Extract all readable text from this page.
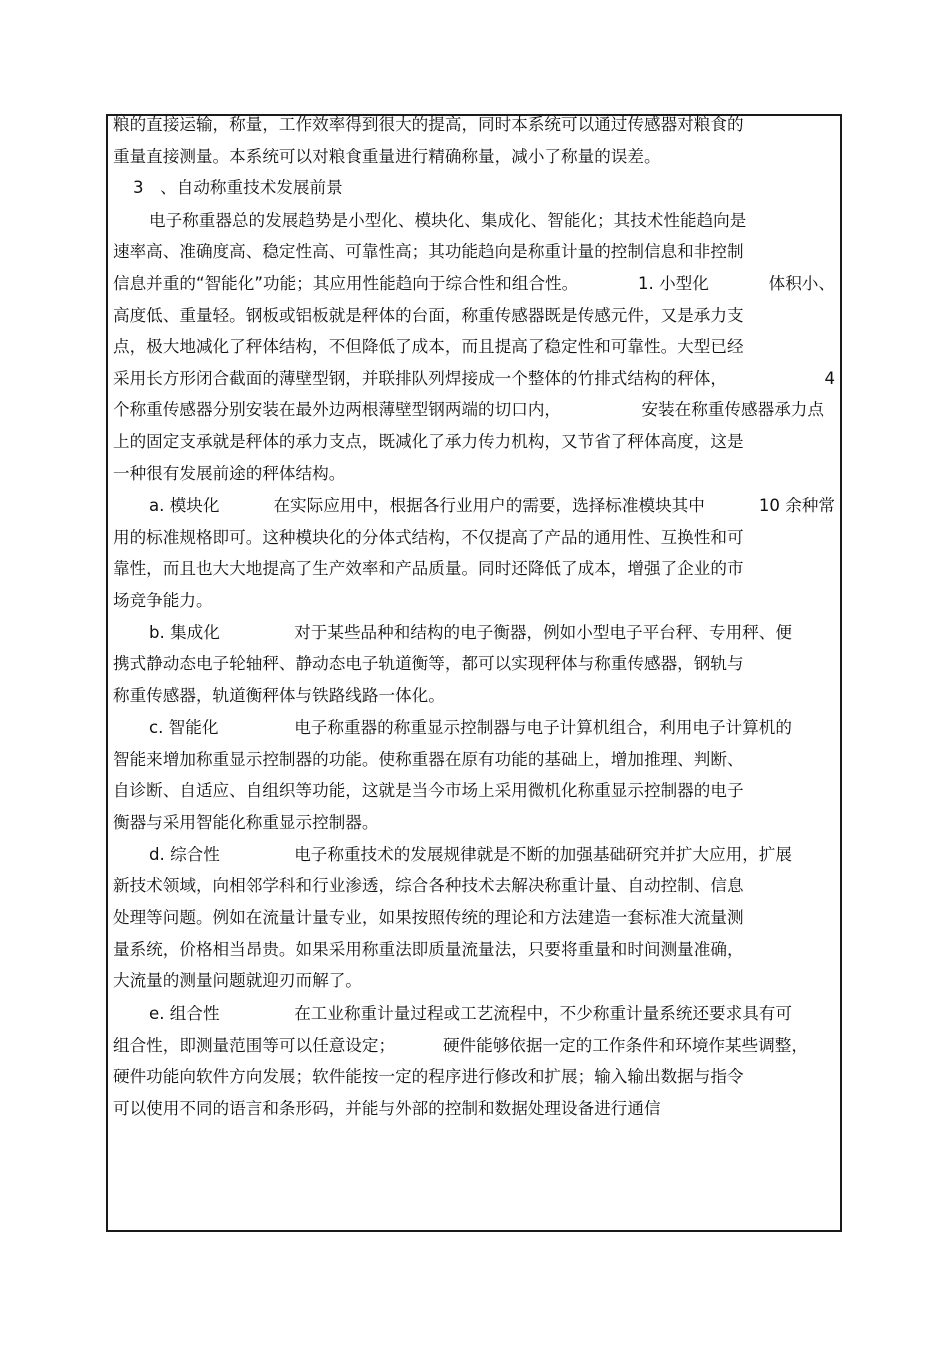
粮的直接运输，称量，工作效率得到很大的提高，同时本系统可以通过传感器对粮食的
重量直接测量。本系统可以对粮食重量进行精确称量，减小了称量的误差。
3　、自动称重技术发展前景
电子称重器总的发展趋势是小型化、模块化、集成化、智能化；其技术性能趋向是
速率高、准确度高、稳定性高、可靠性高；其功能趋向是称重计量的控制信息和非控制
信息并重的“智能化”功能；其应用性能趋向于综合性和组合性。	1. 小型化	体积小、
高度低、重量轻。钢板或铝板就是秤体的台面，称重传感器既是传感元件，又是承力支
点，极大地减化了秤体结构，不但降低了成本，而且提高了稳定性和可靠性。大型已经
采用长方形闭合截面的薄壁型钢，并联排队列焊接成一个整体的竹排式结构的秤体，	4
个称重传感器分别安装在最外边两根薄壁型钢两端的切口内，	安装在称重传感器承力点
上的固定支承就是秤体的承力支点，既减化了承力传力机构，又节省了秤体高度，这是
一种很有发展前途的秤体结构。
a. 模块化	在实际应用中，根据各行业用户的需要，选择标准模块其中	10 余种常
用的标准规格即可。这种模块化的分体式结构，不仅提高了产品的通用性、互换性和可
靠性，而且也大大地提高了生产效率和产品质量。同时还降低了成本，增强了企业的市
场竞争能力。
b. 集成化	对于某些品种和结构的电子衡器，例如小型电子平台秤、专用秤、便
携式静动态电子轮轴秤、静动态电子轨道衡等，都可以实现秤体与称重传感器，钢轨与
称重传感器，轨道衡秤体与铁路线路一体化。
c. 智能化	电子称重器的称重显示控制器与电子计算机组合，利用电子计算机的
智能来增加称重显示控制器的功能。使称重器在原有功能的基础上，增加推理、判断、
自诊断、自适应、自组织等功能，这就是当今市场上采用微机化称重显示控制器的电子
衡器与采用智能化称重显示控制器。
d. 综合性	电子称重技术的发展规律就是不断的加强基础研究并扩大应用，扩展
新技术领域，向相邻学科和行业渗透，综合各种技术去解决称重计量、自动控制、信息
处理等问题。例如在流量计量专业，如果按照传统的理论和方法建造一套标准大流量测
量系统，价格相当昂贵。如果采用称重法即质量流量法，只要将重量和时间测量准确，
大流量的测量问题就迎刃而解了。
e. 组合性	在工业称重计量过程或工艺流程中，不少称重计量系统还要求具有可
组合性，即测量范围等可以任意设定；	硬件能够依据一定的工作条件和环境作某些调整，
硬件功能向软件方向发展；软件能按一定的程序进行修改和扩展；输入输出数据与指令
可以使用不同的语言和条形码，并能与外部的控制和数据处理设备进行通信
